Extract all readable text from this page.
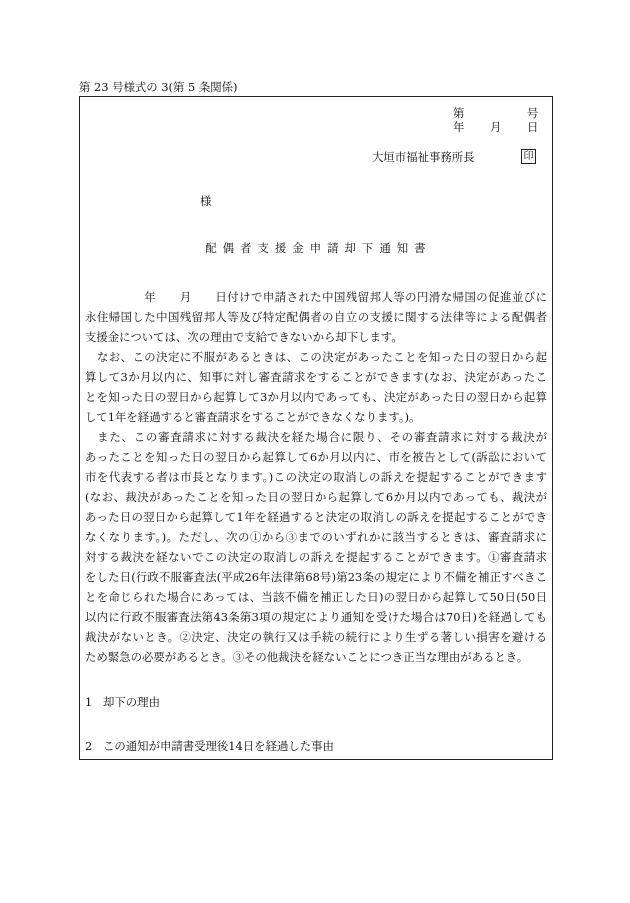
第 23 号様式の 3(第 5 条関係)
第	号
年 月 日
大垣市福祉事務所長	印
様
配 偶 者 支 援 金 申 請 却 下 通 知 書
　　　　　年　　月　　日付けで申請された中国残留邦人等の円滑な帰国の促進並びに
永住帰国した中国残留邦人等及び特定配偶者の自立の支援に関する法律等による配偶者
支援金については、次の理由で支給できないから却下します。
　なお、この決定に不服があるときは、この決定があったことを知った日の翌日から起
算して3か月以内に、知事に対し審査請求をすることができます(なお、決定があったこ
とを知った日の翌日から起算して3か月以内であっても、決定があった日の翌日から起算
して1年を経過すると審査請求をすることができなくなります。)。
　また、この審査請求に対する裁決を経た場合に限り、その審査請求に対する裁決が
あったことを知った日の翌日から起算して6か月以内に、市を被告として(訴訟において
市を代表する者は市長となります。)この決定の取消しの訴えを提起することができます
(なお、裁決があったことを知った日の翌日から起算して6か月以内であっても、裁決が
あった日の翌日から起算して1年を経過すると決定の取消しの訴えを提起することができ
なくなります。)。ただし、次の①から③までのいずれかに該当するときは、審査請求に
対する裁決を経ないでこの決定の取消しの訴えを提起することができます。①審査請求
をした日(行政不服審査法(平成26年法律第68号)第23条の規定により不備を補正すべきこ
とを命じられた場合にあっては、当該不備を補正した日)の翌日から起算して50日(50日
以内に行政不服審査法第43条第3項の規定により通知を受けた場合は70日)を経過しても
裁決がないとき。②決定、決定の執行又は手続の続行により生ずる著しい損害を避ける
ため緊急の必要があるとき。③その他裁決を経ないことにつき正当な理由があるとき。
1 却下の理由
2 この通知が申請書受理後14日を経過した事由
